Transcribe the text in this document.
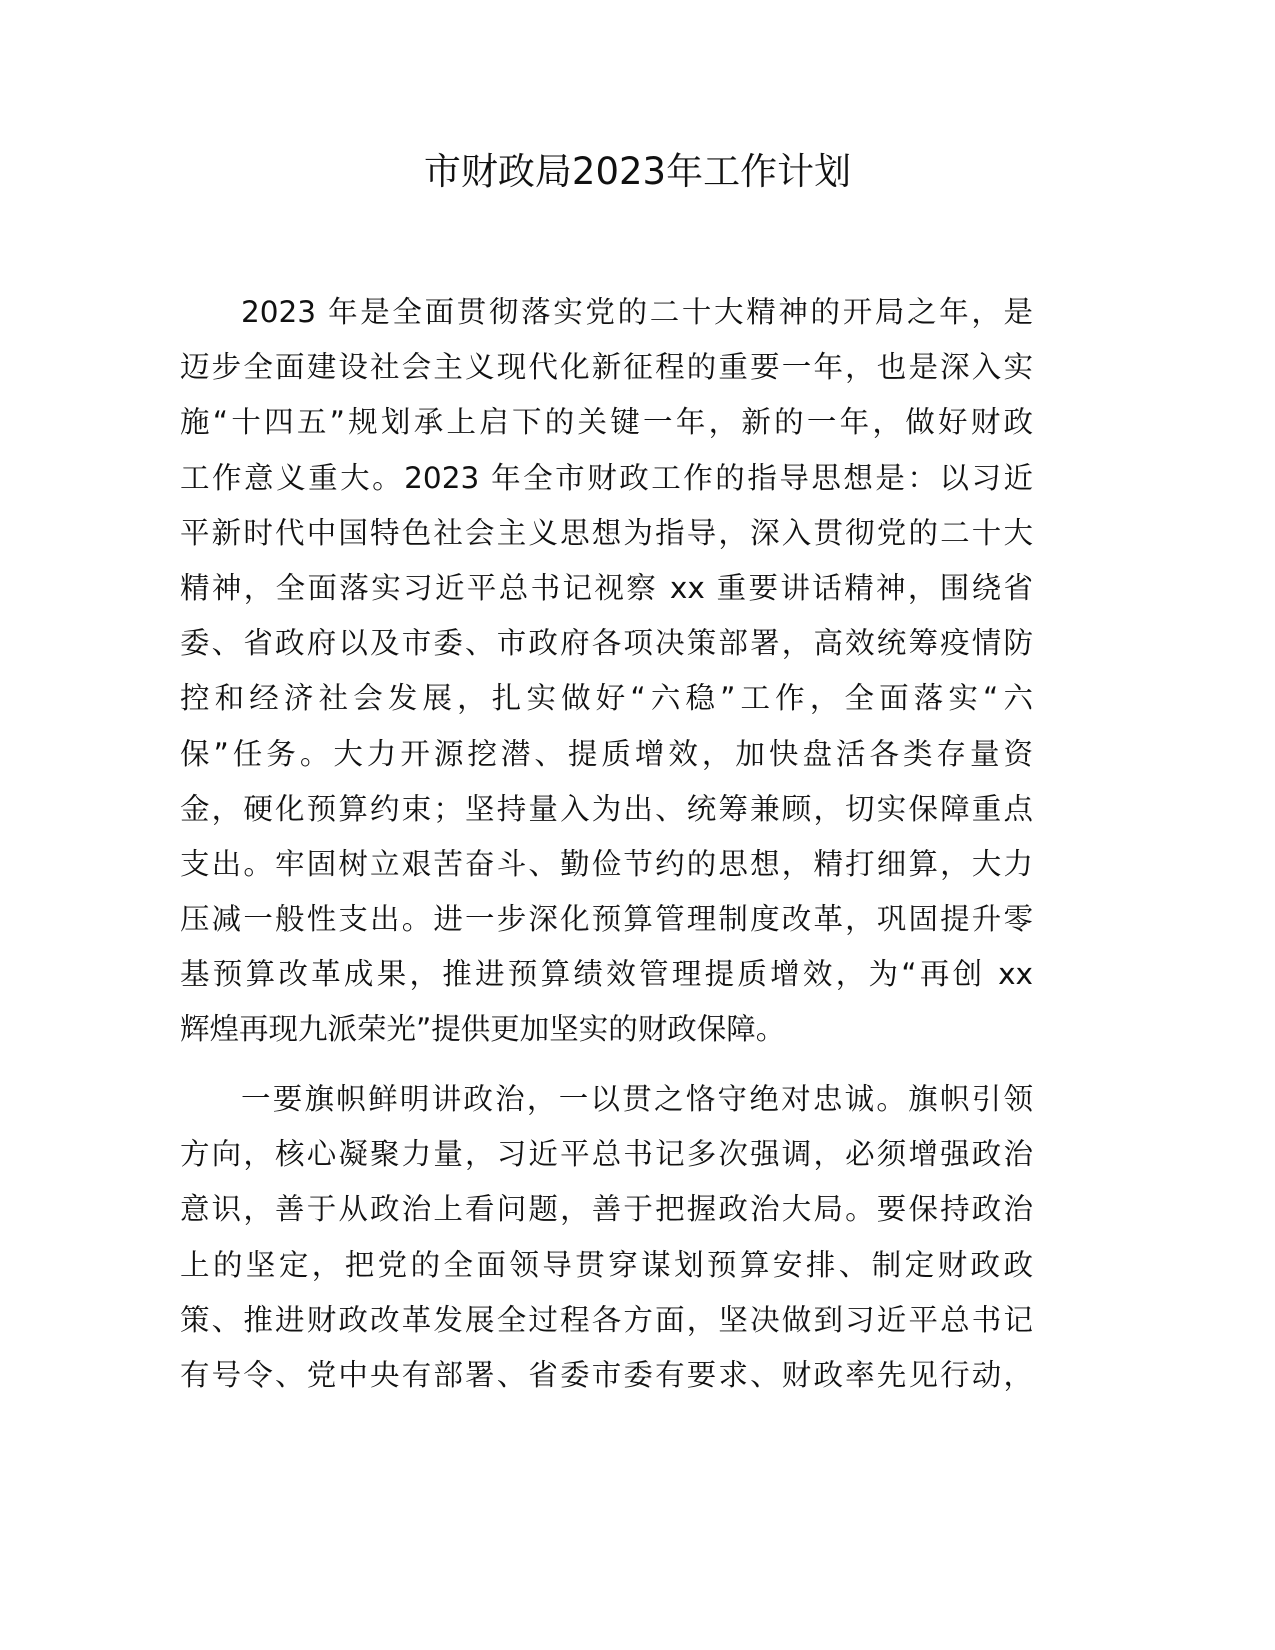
市财政局2023年工作计划
2023 年是全面贯彻落实党的二十大精神的开局之年，是
迈步全面建设社会主义现代化新征程的重要一年，也是深入实
施“十四五”规划承上启下的关键一年，新的一年，做好财政
工作意义重大。2023 年全市财政工作的指导思想是：以习近
平新时代中国特色社会主义思想为指导，深入贯彻党的二十大
精神，全面落实习近平总书记视察 xx 重要讲话精神，围绕省
委、省政府以及市委、市政府各项决策部署，高效统筹疫情防
控和经济社会发展，扎实做好“六稳”工作，全面落实“六
保”任务。大力开源挖潜、提质增效，加快盘活各类存量资
金，硬化预算约束；坚持量入为出、统筹兼顾，切实保障重点
支出。牢固树立艰苦奋斗、勤俭节约的思想，精打细算，大力
压减一般性支出。进一步深化预算管理制度改革，巩固提升零
基预算改革成果，推进预算绩效管理提质增效，为“再创 xx
辉煌再现九派荣光”提供更加坚实的财政保障。
一要旗帜鲜明讲政治，一以贯之恪守绝对忠诚。旗帜引领
方向，核心凝聚力量，习近平总书记多次强调，必须增强政治
意识，善于从政治上看问题，善于把握政治大局。要保持政治
上的坚定，把党的全面领导贯穿谋划预算安排、制定财政政
策、推进财政改革发展全过程各方面，坚决做到习近平总书记
有号令、党中央有部署、省委市委有要求、财政率先见行动，
